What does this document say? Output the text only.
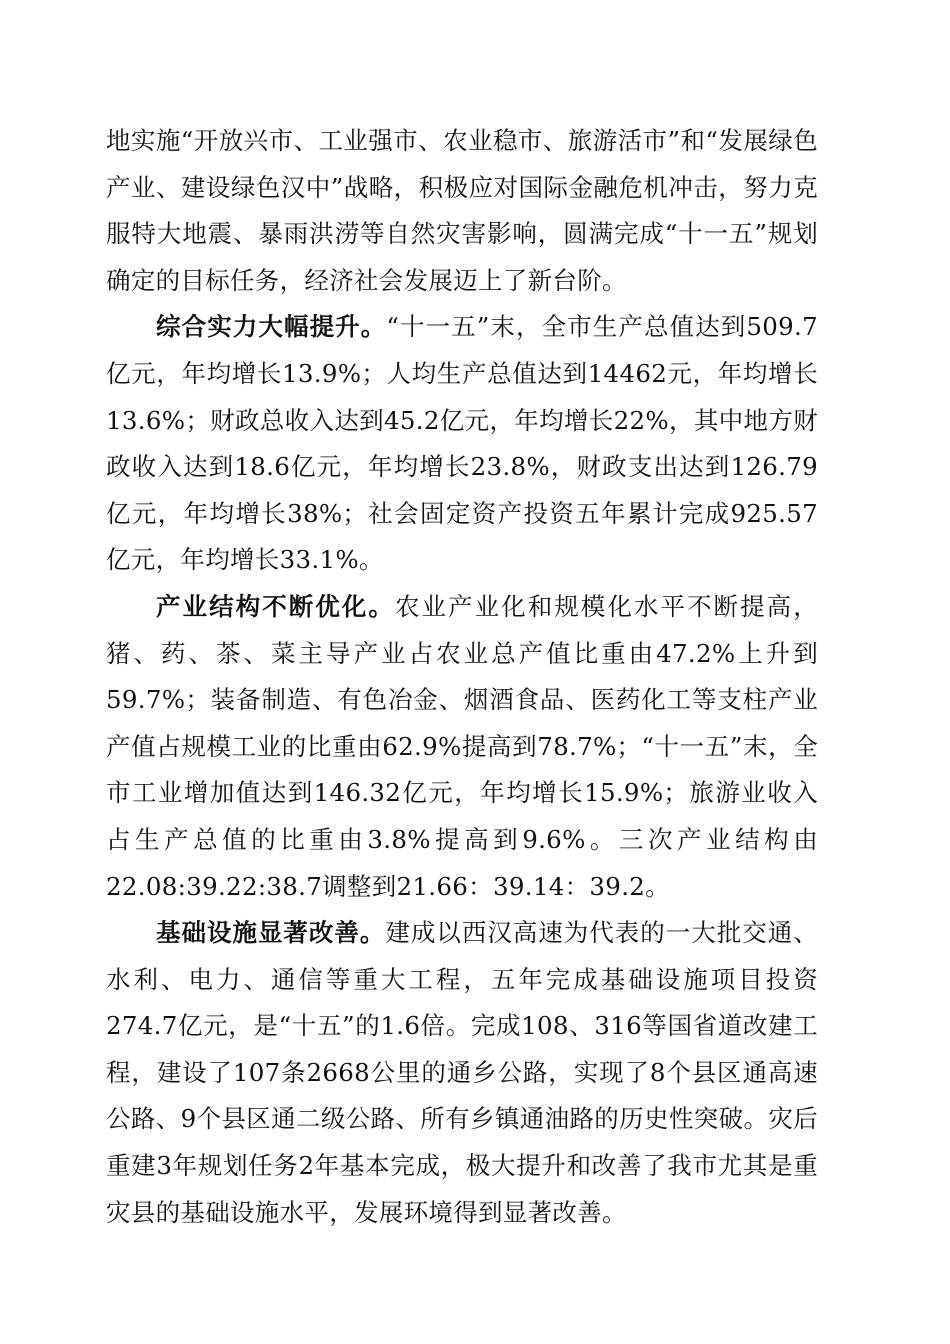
地实施“开放兴市、工业强市、农业稳市、旅游活市”和“发展绿色产业、建设绿色汉中”战略，积极应对国际金融危机冲击，努力克服特大地震、暴雨洪涝等自然灾害影响，圆满完成“十一五”规划确定的目标任务，经济社会发展迈上了新台阶。

综合实力大幅提升。“十一五”末，全市生产总值达到509.7亿元，年均增长13.9%；人均生产总值达到14462元，年均增长13.6%；财政总收入达到45.2亿元，年均增长22%，其中地方财政收入达到18.6亿元，年均增长23.8%，财政支出达到126.79亿元，年均增长38%；社会固定资产投资五年累计完成925.57亿元，年均增长33.1%。

产业结构不断优化。农业产业化和规模化水平不断提高，猪、药、茶、菜主导产业占农业总产值比重由47.2%上升到59.7%；装备制造、有色冶金、烟酒食品、医药化工等支柱产业产值占规模工业的比重由62.9%提高到78.7%；“十一五”末，全市工业增加值达到146.32亿元，年均增长15.9%；旅游业收入占生产总值的比重由3.8%提高到9.6%。三次产业结构由22.08:39.22:38.7调整到21.66：39.14：39.2。

基础设施显著改善。建成以西汉高速为代表的一大批交通、水利、电力、通信等重大工程，五年完成基础设施项目投资274.7亿元，是“十五”的1.6倍。完成108、316等国省道改建工程，建设了107条2668公里的通乡公路，实现了8个县区通高速公路、9个县区通二级公路、所有乡镇通油路的历史性突破。灾后重建3年规划任务2年基本完成，极大提升和改善了我市尤其是重灾县的基础设施水平，发展环境得到显著改善。
